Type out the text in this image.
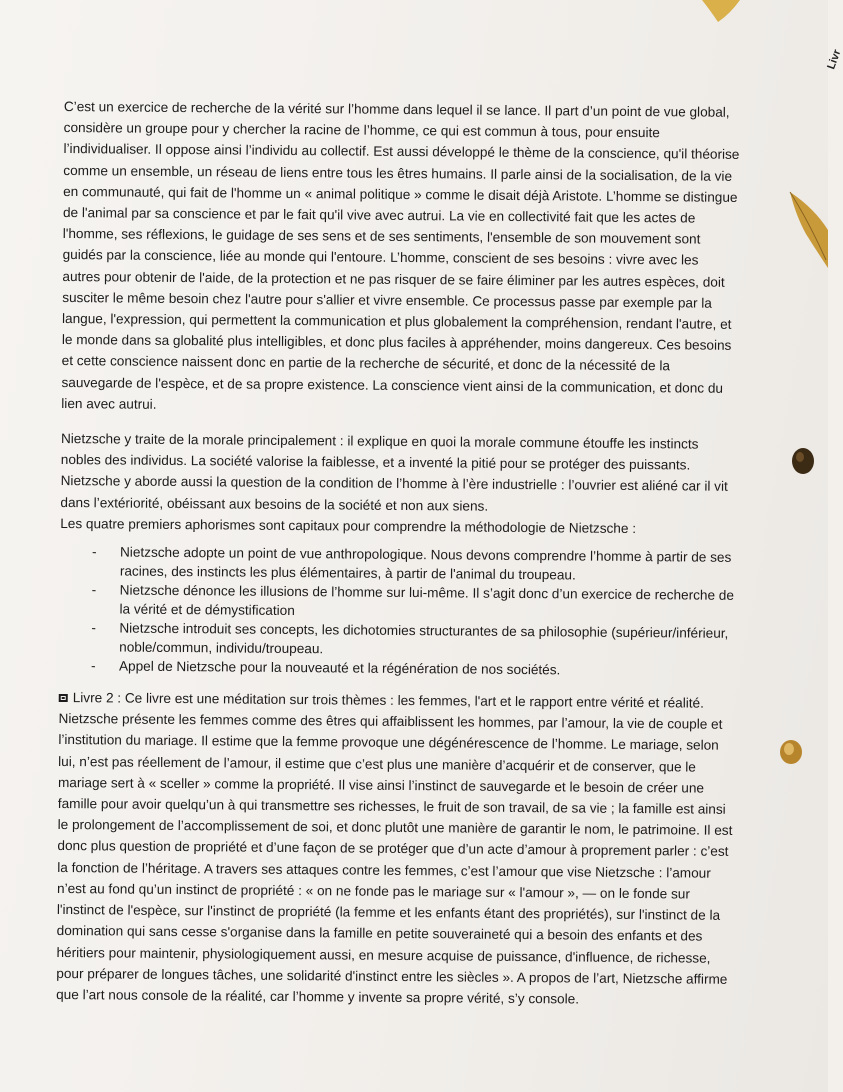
Livr

C’est un exercice de recherche de la vérité sur l’homme dans lequel il se lance. Il part d’un point de vue global, considère un groupe pour y chercher la racine de l’homme, ce qui est commun à tous, pour ensuite l’individualiser. Il oppose ainsi l’individu au collectif. Est aussi développé le thème de la conscience, qu'il théorise comme un ensemble, un réseau de liens entre tous les êtres humains. Il parle ainsi de la socialisation, de la vie en communauté, qui fait de l'homme un « animal politique » comme le disait déjà Aristote. L’homme se distingue de l'animal par sa conscience et par le fait qu'il vive avec autrui. La vie en collectivité fait que les actes de l'homme, ses réflexions, le guidage de ses sens et de ses sentiments, l'ensemble de son mouvement sont guidés par la conscience, liée au monde qui l'entoure. L’homme, conscient de ses besoins : vivre avec les autres pour obtenir de l'aide, de la protection et ne pas risquer de se faire éliminer par les autres espèces, doit susciter le même besoin chez l'autre pour s'allier et vivre ensemble. Ce processus passe par exemple par la langue, l'expression, qui permettent la communication et plus globalement la compréhension, rendant l'autre, et le monde dans sa globalité plus intelligibles, et donc plus faciles à appréhender, moins dangereux. Ces besoins et cette conscience naissent donc en partie de la recherche de sécurité, et donc de la nécessité de la sauvegarde de l'espèce, et de sa propre existence. La conscience vient ainsi de la communication, et donc du lien avec autrui.

Nietzsche y traite de la morale principalement : il explique en quoi la morale commune étouffe les instincts nobles des individus. La société valorise la faiblesse, et a inventé la pitié pour se protéger des puissants.

Nietzsche y aborde aussi la question de la condition de l’homme à l’ère industrielle : l’ouvrier est aliéné car il vit dans l’extériorité, obéissant aux besoins de la société et non aux siens.

Les quatre premiers aphorismes sont capitaux pour comprendre la méthodologie de Nietzsche :

- Nietzsche adopte un point de vue anthropologique. Nous devons comprendre l’homme à partir de ses racines, des instincts les plus élémentaires, à partir de l'animal du troupeau.
- Nietzsche dénonce les illusions de l’homme sur lui-même. Il s’agit donc d’un exercice de recherche de la vérité et de démystification
- Nietzsche introduit ses concepts, les dichotomies structurantes de sa philosophie (supérieur/inférieur, noble/commun, individu/troupeau.
- Appel de Nietzsche pour la nouveauté et la régénération de nos sociétés.

Livre 2 : Ce livre est une méditation sur trois thèmes : les femmes, l'art et le rapport entre vérité et réalité. Nietzsche présente les femmes comme des êtres qui affaiblissent les hommes, par l’amour, la vie de couple et l’institution du mariage. Il estime que la femme provoque une dégénérescence de l’homme. Le mariage, selon lui, n’est pas réellement de l’amour, il estime que c’est plus une manière d’acquérir et de conserver, que le mariage sert à « sceller » comme la propriété. Il vise ainsi l’instinct de sauvegarde et le besoin de créer une famille pour avoir quelqu’un à qui transmettre ses richesses, le fruit de son travail, de sa vie ; la famille est ainsi le prolongement de l’accomplissement de soi, et donc plutôt une manière de garantir le nom, le patrimoine. Il est donc plus question de propriété et d’une façon de se protéger que d’un acte d’amour à proprement parler : c’est la fonction de l’héritage. A travers ses attaques contre les femmes, c’est l’amour que vise Nietzsche : l’amour n’est au fond qu’un instinct de propriété : « on ne fonde pas le mariage sur « l'amour », — on le fonde sur l'instinct de l'espèce, sur l'instinct de propriété (la femme et les enfants étant des propriétés), sur l'instinct de la domination qui sans cesse s'organise dans la famille en petite souveraineté qui a besoin des enfants et des héritiers pour maintenir, physiologiquement aussi, en mesure acquise de puissance, d'influence, de richesse, pour préparer de longues tâches, une solidarité d'instinct entre les siècles ». A propos de l’art, Nietzsche affirme que l’art nous console de la réalité, car l’homme y invente sa propre vérité, s’y console.
